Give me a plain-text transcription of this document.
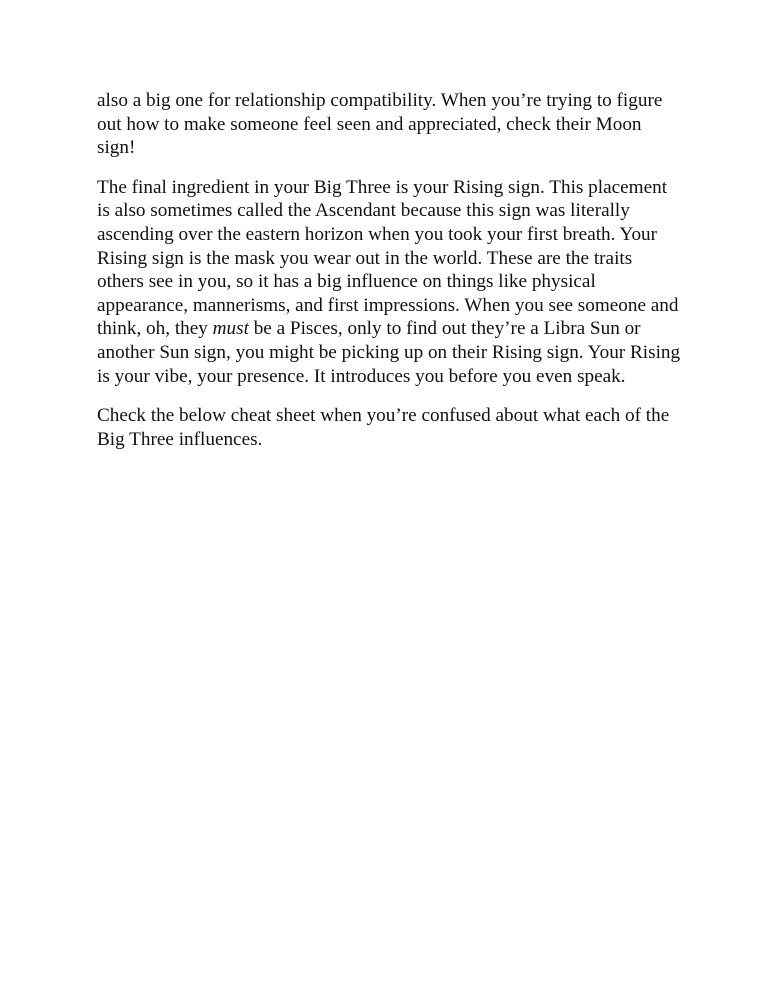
also a big one for relationship compatibility. When you’re trying to figure
out how to make someone feel seen and appreciated, check their Moon
sign!

The final ingredient in your Big Three is your Rising sign. This placement
is also sometimes called the Ascendant because this sign was literally
ascending over the eastern horizon when you took your first breath. Your
Rising sign is the mask you wear out in the world. These are the traits
others see in you, so it has a big influence on things like physical
appearance, mannerisms, and first impressions. When you see someone and
think, oh, they must be a Pisces, only to find out they’re a Libra Sun or
another Sun sign, you might be picking up on their Rising sign. Your Rising
is your vibe, your presence. It introduces you before you even speak.

Check the below cheat sheet when you’re confused about what each of the
Big Three influences.
